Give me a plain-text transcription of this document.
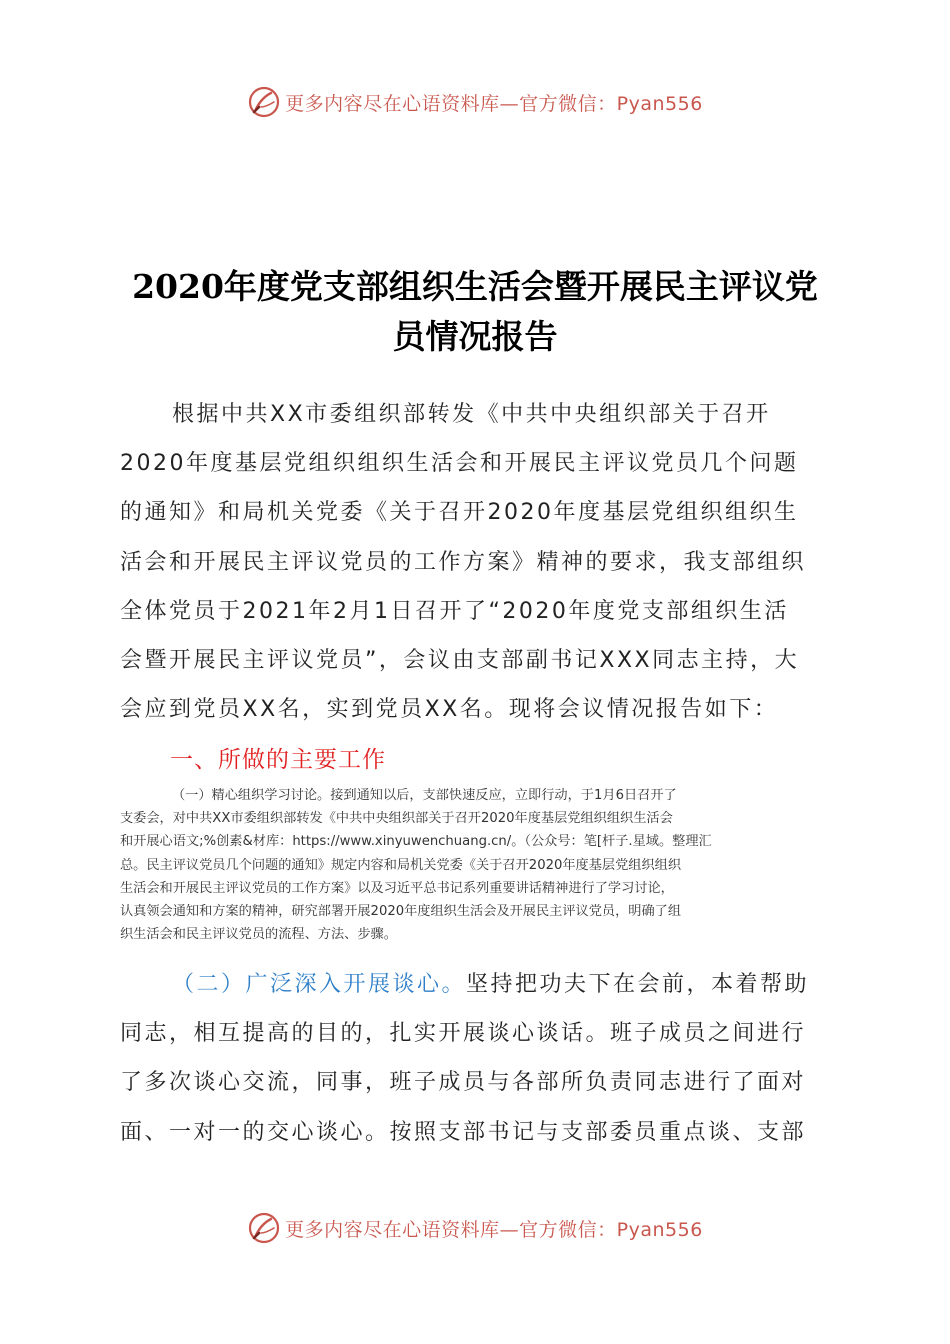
更多内容尽在心语资料库—官方微信：Pyan556
2020年度党支部组织生活会暨开展民主评议党
员情况报告
根据中共XX市委组织部转发《中共中央组织部关于召开
2020年度基层党组织组织生活会和开展民主评议党员几个问题
的通知》和局机关党委《关于召开2020年度基层党组织组织生
活会和开展民主评议党员的工作方案》精神的要求，我支部组织
全体党员于2021年2月1日召开了“2020年度党支部组织生活
会暨开展民主评议党员”，会议由支部副书记XXX同志主持，大
会应到党员XX名，实到党员XX名。现将会议情况报告如下：
一、所做的主要工作
（一）精心组织学习讨论。接到通知以后，支部快速反应，立即行动，于1月6日召开了
支委会，对中共XX市委组织部转发《中共中央组织部关于召开2020年度基层党组织组织生活会
和开展心语文;%创素&材库：https://www.xinyuwenchuang.cn/。（公众号：笔[杆子.星域。整理汇
总。民主评议党员几个问题的通知》规定内容和局机关党委《关于召开2020年度基层党组织组织
生活会和开展民主评议党员的工作方案》以及习近平总书记系列重要讲话精神进行了学习讨论，
认真领会通知和方案的精神，研究部署开展2020年度组织生活会及开展民主评议党员，明确了组
织生活会和民主评议党员的流程、方法、步骤。
（二）广泛深入开展谈心。坚持把功夫下在会前，本着帮助
同志，相互提高的目的，扎实开展谈心谈话。班子成员之间进行
了多次谈心交流，同事，班子成员与各部所负责同志进行了面对
面、一对一的交心谈心。按照支部书记与支部委员重点谈、支部
更多内容尽在心语资料库—官方微信：Pyan556
